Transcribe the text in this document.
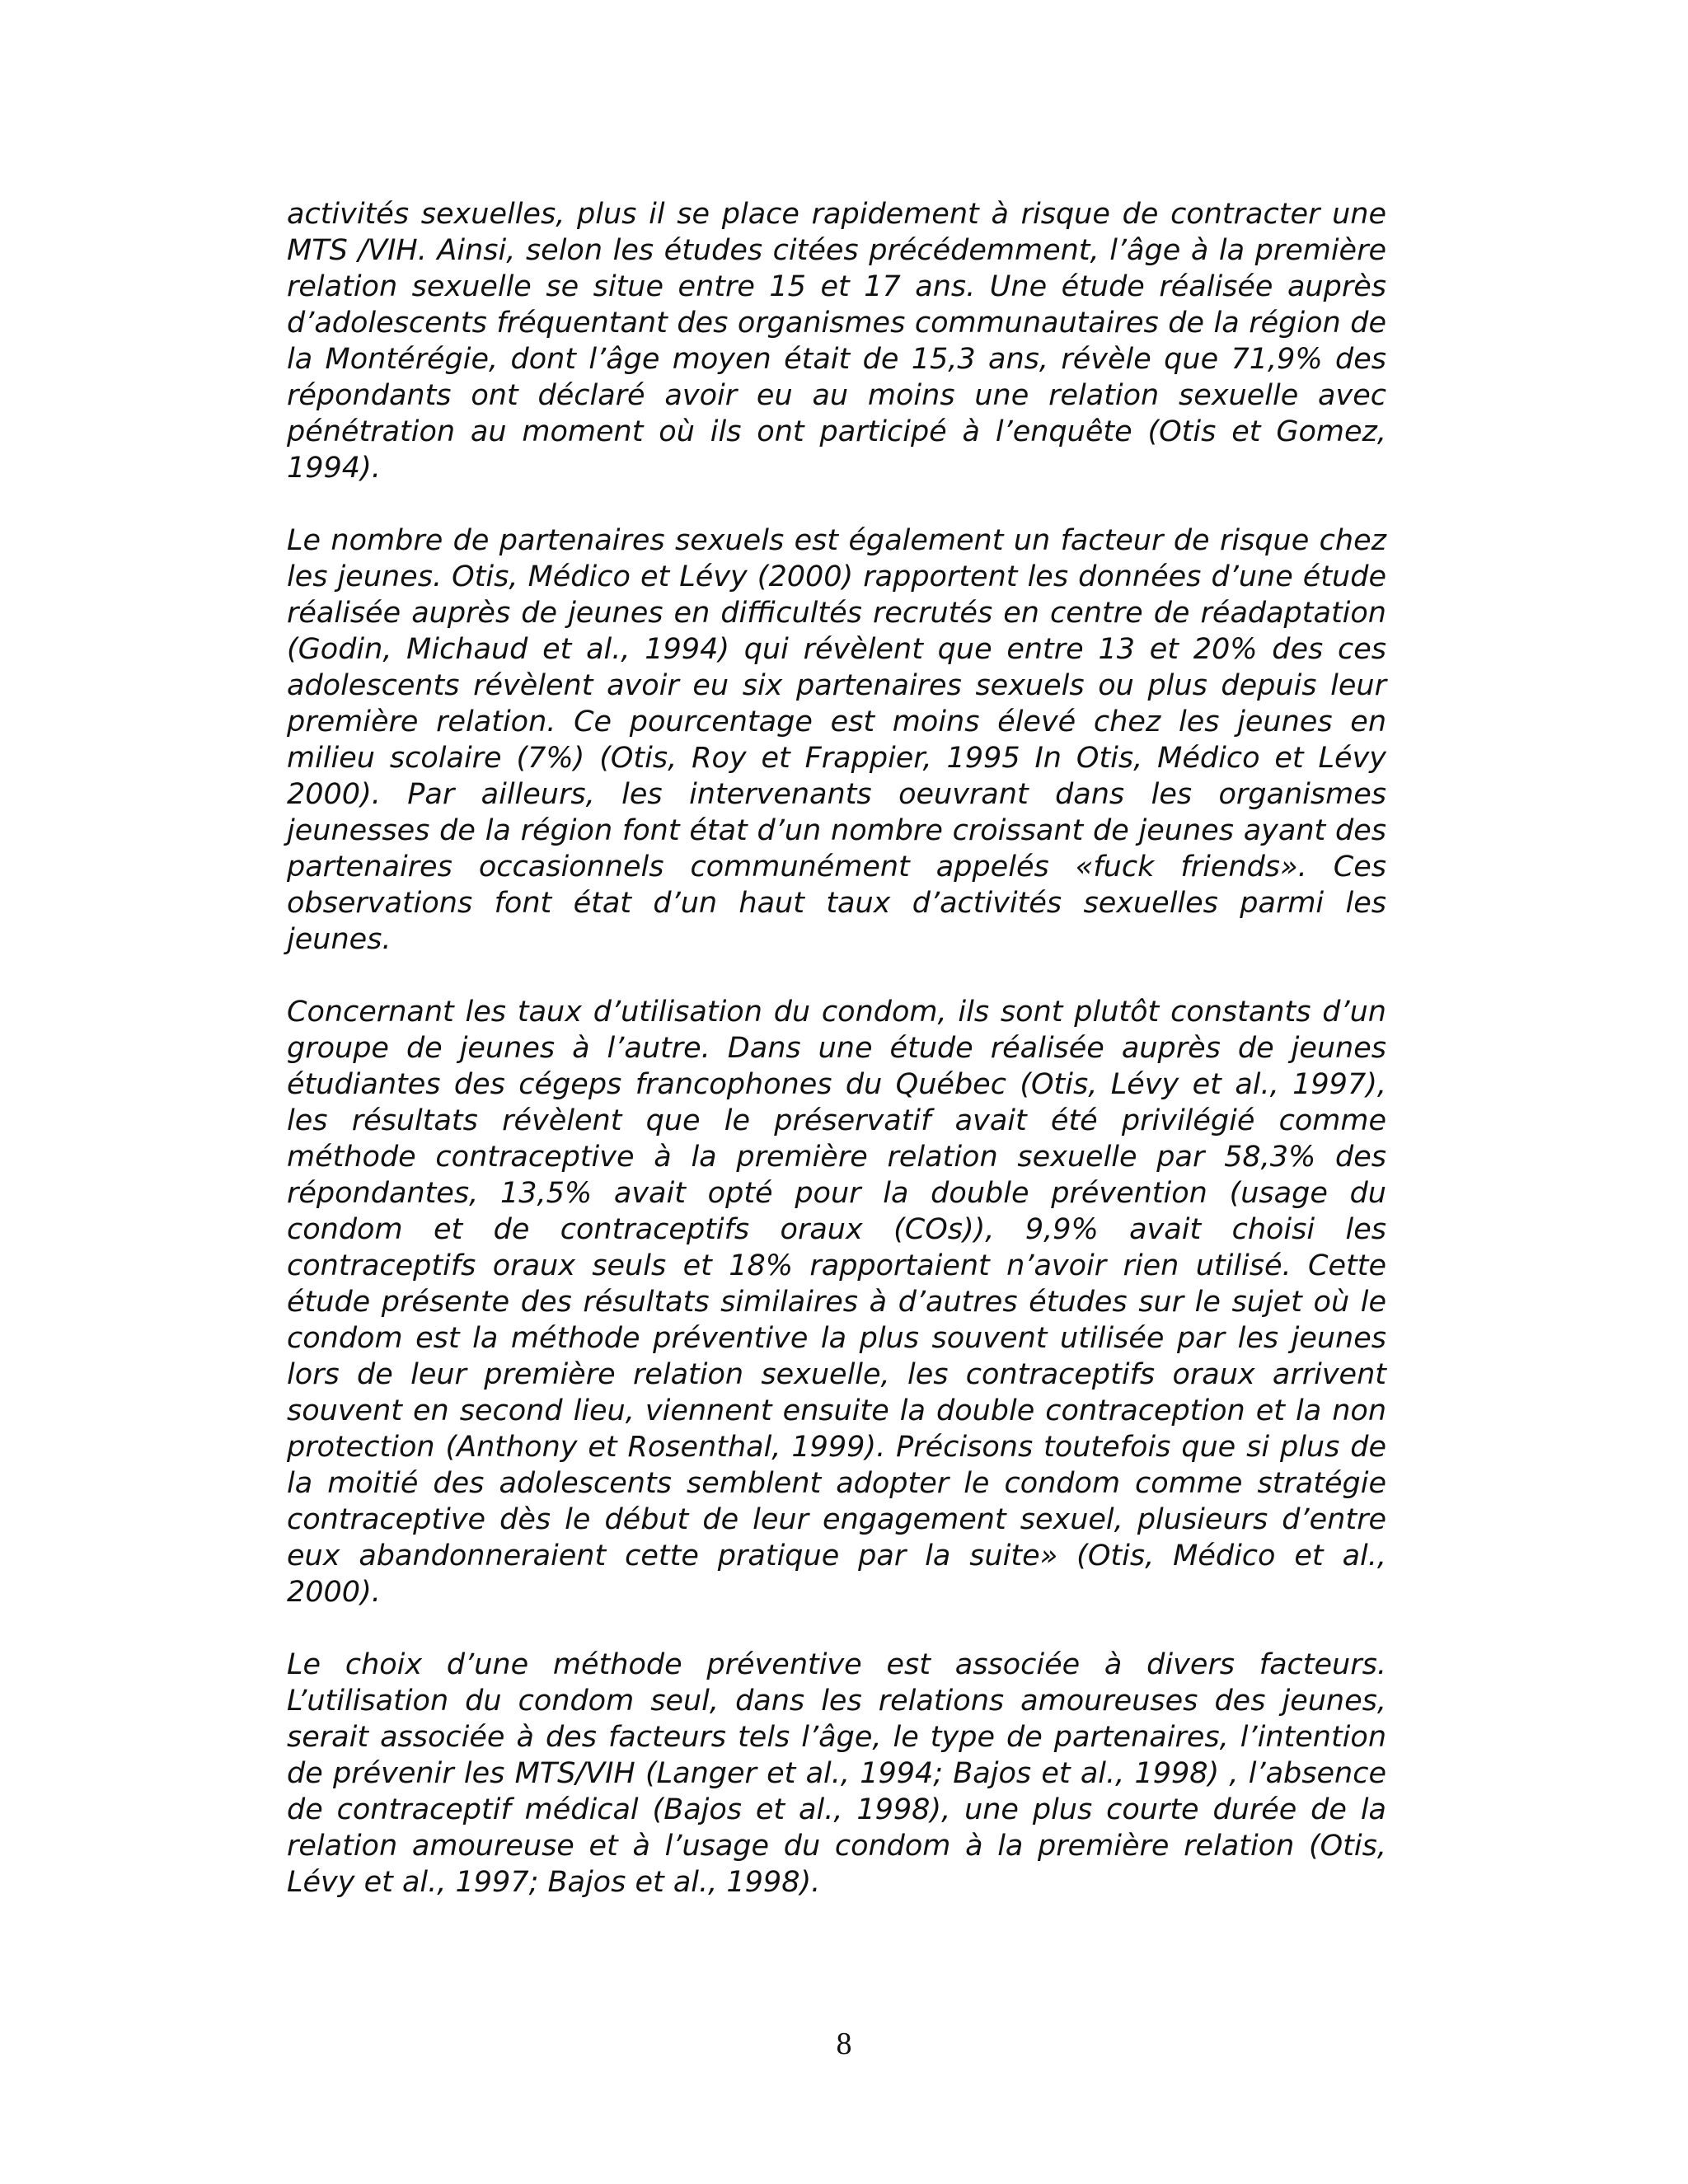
activités sexuelles, plus il se place rapidement à risque de contracter une MTS /VIH. Ainsi, selon les études citées précédemment, l’âge à la première relation sexuelle se situe entre 15 et 17 ans. Une étude réalisée auprès d’adolescents fréquentant des organismes communautaires de la région de la Montérégie, dont l’âge moyen était de 15,3 ans, révèle que 71,9% des répondants ont déclaré avoir eu au moins une relation sexuelle avec pénétration au moment où ils ont participé à l’enquête (Otis et Gomez, 1994).

Le nombre de partenaires sexuels est également un facteur de risque chez les jeunes. Otis, Médico et Lévy (2000) rapportent les données d’une étude réalisée auprès de jeunes en difficultés recrutés en centre de réadaptation (Godin, Michaud et al., 1994) qui révèlent que entre 13 et 20% des ces adolescents révèlent avoir eu six partenaires sexuels ou plus depuis leur première relation. Ce pourcentage est moins élevé chez les jeunes en milieu scolaire (7%) (Otis, Roy et Frappier, 1995 In Otis, Médico et Lévy 2000). Par ailleurs, les intervenants oeuvrant dans les organismes jeunesses de la région font état d’un nombre croissant de jeunes ayant des partenaires occasionnels communément appelés «fuck friends». Ces observations font état d’un haut taux d’activités sexuelles parmi les jeunes.

Concernant les taux d’utilisation du condom, ils sont plutôt constants d’un groupe de jeunes à l’autre. Dans une étude réalisée auprès de jeunes étudiantes des cégeps francophones du Québec (Otis, Lévy et al., 1997), les résultats révèlent que le préservatif avait été privilégié comme méthode contraceptive à la première relation sexuelle par 58,3% des répondantes, 13,5% avait opté pour la double prévention (usage du condom et de contraceptifs oraux (COs)), 9,9% avait choisi les contraceptifs oraux seuls et 18% rapportaient n’avoir rien utilisé. Cette étude présente des résultats similaires à d’autres études sur le sujet où le condom est la méthode préventive la plus souvent utilisée par les jeunes lors de leur première relation sexuelle, les contraceptifs oraux arrivent souvent en second lieu, viennent ensuite la double contraception et la non protection (Anthony et Rosenthal, 1999). Précisons toutefois que si plus de la moitié des adolescents semblent adopter le condom comme stratégie contraceptive dès le début de leur engagement sexuel, plusieurs d’entre eux abandonneraient cette pratique par la suite» (Otis, Médico et al., 2000).

Le choix d’une méthode préventive est associée à divers facteurs. L’utilisation du condom seul, dans les relations amoureuses des jeunes, serait associée à des facteurs tels l’âge, le type de partenaires, l’intention de prévenir les MTS/VIH (Langer et al., 1994; Bajos et al., 1998) , l’absence de contraceptif médical (Bajos et al., 1998), une plus courte durée de la relation amoureuse et à l’usage du condom à la première relation (Otis, Lévy et al., 1997; Bajos et al., 1998).

8
